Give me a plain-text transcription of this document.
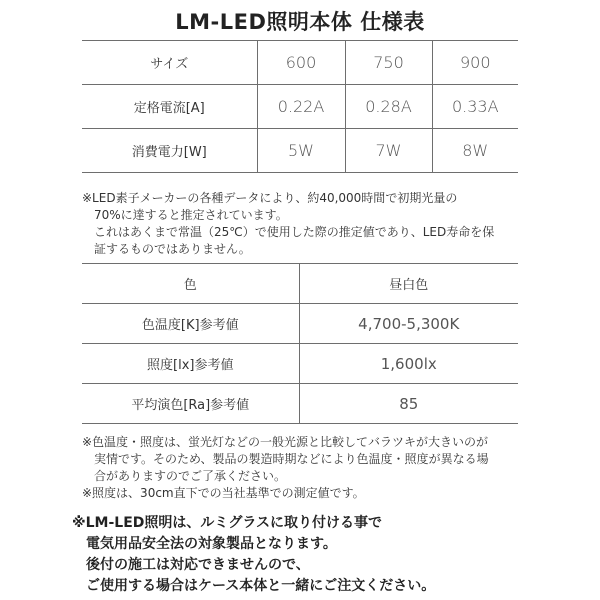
LM-LED照明本体 仕様表
サイズ	600	750	900
定格電流[A]	0.22A	0.28A	0.33A
消費電力[W]	5W	7W	8W
※LED素子メーカーの各種データにより、約40,000時間で初期光量の
70%に達すると推定されています。
これはあくまで常温（25℃）で使用した際の推定値であり、LED寿命を保
証するものではありません。
色	昼白色
色温度[K]参考値	4,700-5,300K
照度[lx]参考値	1,600lx
平均演色[Ra]参考値	85
※色温度・照度は、蛍光灯などの一般光源と比較してバラツキが大きいのが
実情です。そのため、製品の製造時期などにより色温度・照度が異なる場
合がありますのでご了承ください。
※照度は、30cm直下での当社基準での測定値です。
※LM-LED照明は、ルミグラスに取り付ける事で
電気用品安全法の対象製品となります。
後付の施工は対応できませんので、
ご使用する場合はケース本体と一緒にご注文ください。
